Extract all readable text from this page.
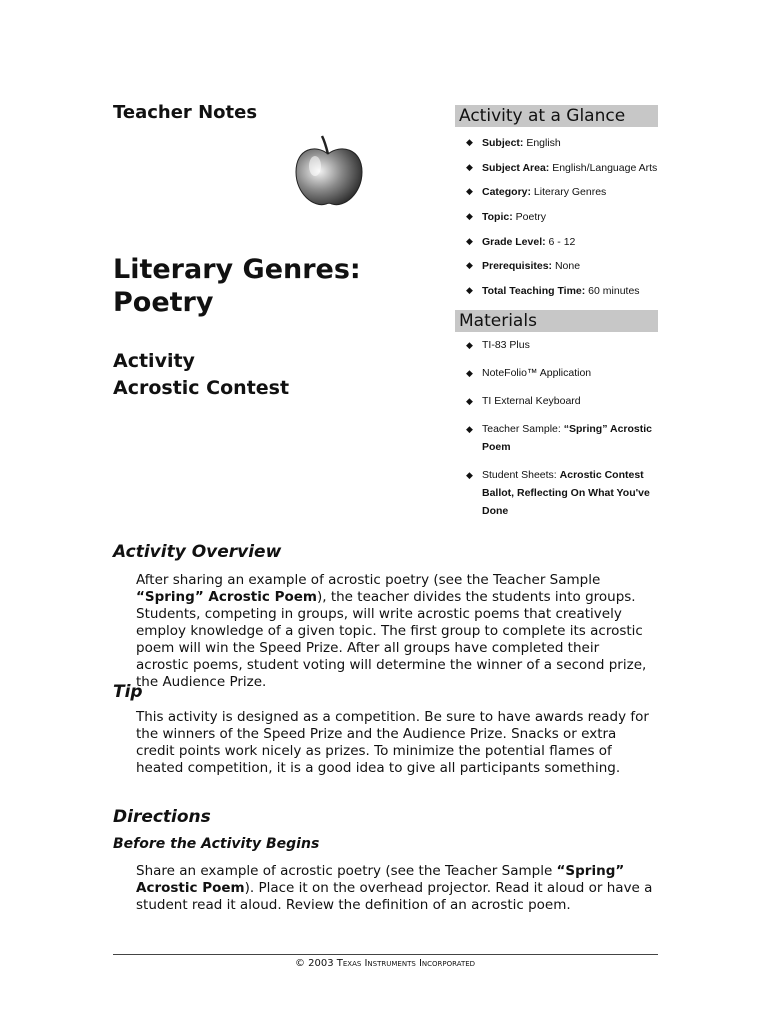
Teacher Notes
Literary Genres:
Poetry
Activity
Acrostic Contest
Activity at a Glance
◆ Subject: English
◆ Subject Area: English/Language Arts
◆ Category: Literary Genres
◆ Topic: Poetry
◆ Grade Level: 6 - 12
◆ Prerequisites: None
◆ Total Teaching Time: 60 minutes
Materials
◆ TI-83 Plus
◆ NoteFolio™ Application
◆ TI External Keyboard
◆ Teacher Sample: “Spring” Acrostic Poem
◆ Student Sheets: Acrostic Contest Ballot, Reflecting On What You've Done
Activity Overview
After sharing an example of acrostic poetry (see the Teacher Sample “Spring” Acrostic Poem), the teacher divides the students into groups. Students, competing in groups, will write acrostic poems that creatively employ knowledge of a given topic. The first group to complete its acrostic poem will win the Speed Prize. After all groups have completed their acrostic poems, student voting will determine the winner of a second prize, the Audience Prize.
Tip
This activity is designed as a competition. Be sure to have awards ready for the winners of the Speed Prize and the Audience Prize. Snacks or extra credit points work nicely as prizes. To minimize the potential flames of heated competition, it is a good idea to give all participants something.
Directions
Before the Activity Begins
Share an example of acrostic poetry (see the Teacher Sample “Spring” Acrostic Poem). Place it on the overhead projector. Read it aloud or have a student read it aloud. Review the definition of an acrostic poem.
© 2003 Texas Instruments Incorporated
